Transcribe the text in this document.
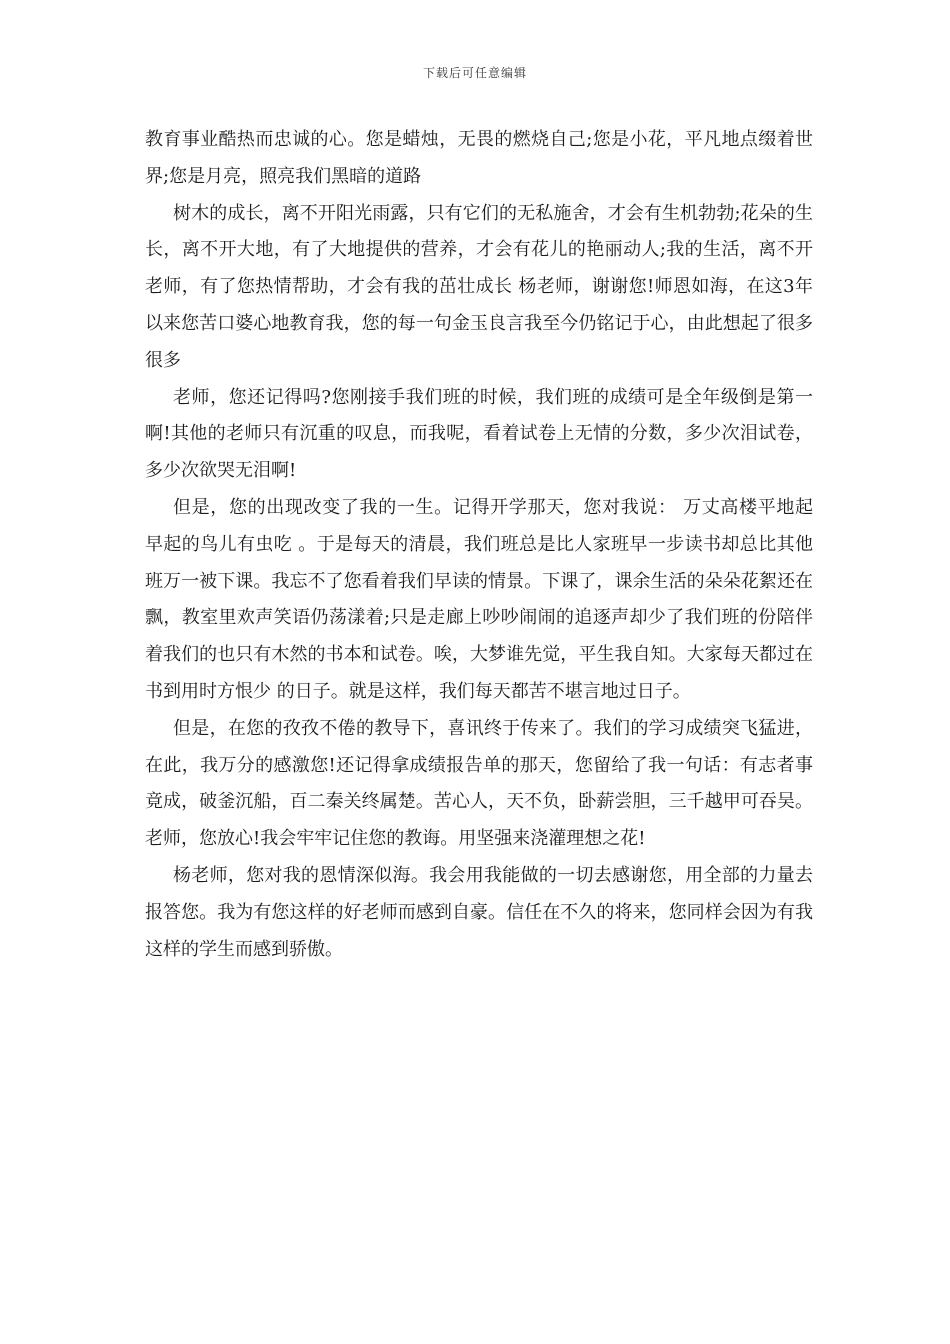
下载后可任意编辑

教育事业酷热而忠诚的心。您是蜡烛，无畏的燃烧自己;您是小花，平凡地点缀着世界;您是月亮，照亮我们黑暗的道路

树木的成长，离不开阳光雨露，只有它们的无私施舍，才会有生机勃勃;花朵的生长，离不开大地，有了大地提供的营养，才会有花儿的艳丽动人;我的生活，离不开老师，有了您热情帮助，才会有我的茁壮成长 杨老师，谢谢您!师恩如海，在这3年以来您苦口婆心地教育我，您的每一句金玉良言我至今仍铭记于心，由此想起了很多很多

老师，您还记得吗?您刚接手我们班的时候，我们班的成绩可是全年级倒是第一啊!其他的老师只有沉重的叹息，而我呢，看着试卷上无情的分数，多少次泪试卷，多少次欲哭无泪啊!

但是，您的出现改变了我的一生。记得开学那天，您对我说： 万丈高楼平地起 早起的鸟儿有虫吃 。于是每天的清晨，我们班总是比人家班早一步读书却总比其他班万一被下课。我忘不了您看着我们早读的情景。下课了，课余生活的朵朵花絮还在飘，教室里欢声笑语仍荡漾着;只是走廊上吵吵闹闹的追逐声却少了我们班的份陪伴着我们的也只有木然的书本和试卷。唉，大梦谁先觉，平生我自知。大家每天都过在 书到用时方恨少 的日子。就是这样，我们每天都苦不堪言地过日子。

但是，在您的孜孜不倦的教导下，喜讯终于传来了。我们的学习成绩突飞猛进，在此，我万分的感激您!还记得拿成绩报告单的那天，您留给了我一句话：有志者事竟成，破釜沉船，百二秦关终属楚。苦心人，天不负，卧薪尝胆，三千越甲可吞吴。老师，您放心!我会牢牢记住您的教诲。用坚强来浇灌理想之花!

杨老师，您对我的恩情深似海。我会用我能做的一切去感谢您，用全部的力量去报答您。我为有您这样的好老师而感到自豪。信任在不久的将来，您同样会因为有我这样的学生而感到骄傲。
